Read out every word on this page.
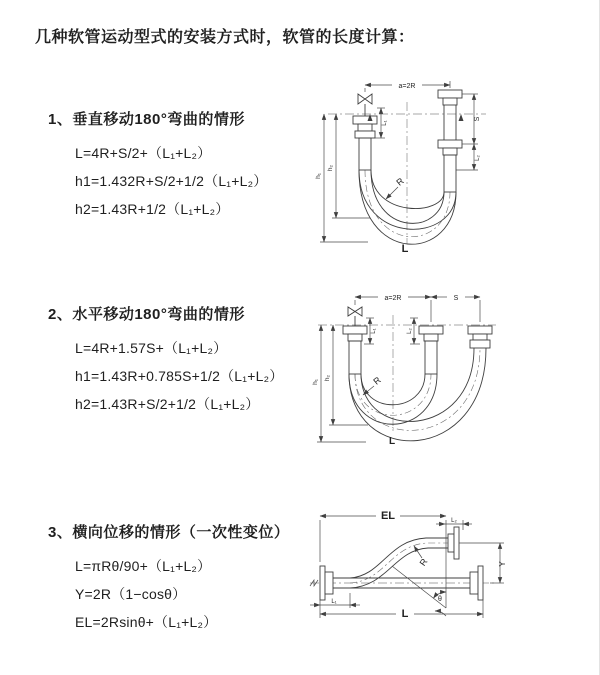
几种软管运动型式的安装方式时，软管的长度计算：
1、垂直移动180°弯曲的情形
L=4R+S/2+（L₁+L₂）
h1=1.432R+S/2+1/2（L₁+L₂）
h2=1.43R+1/2（L₁+L₂）
2、水平移动180°弯曲的情形
L=4R+1.57S+（L₁+L₂）
h1=1.43R+0.785S+1/2（L₁+L₂）
h2=1.43R+S/2+1/2（L₁+L₂）
3、横向位移的情形（一次性变位）
L=πRθ/90+（L₁+L₂）
Y=2R（1−cosθ）
EL=2Rsinθ+（L₁+L₂）
a=2R
h₁
h₂
L₁
S
L₂
R
L
a=2R	S
h₁
h₂
L₁	L₂
R
L
EL	L₂
Y
R
θ
L
L₁
